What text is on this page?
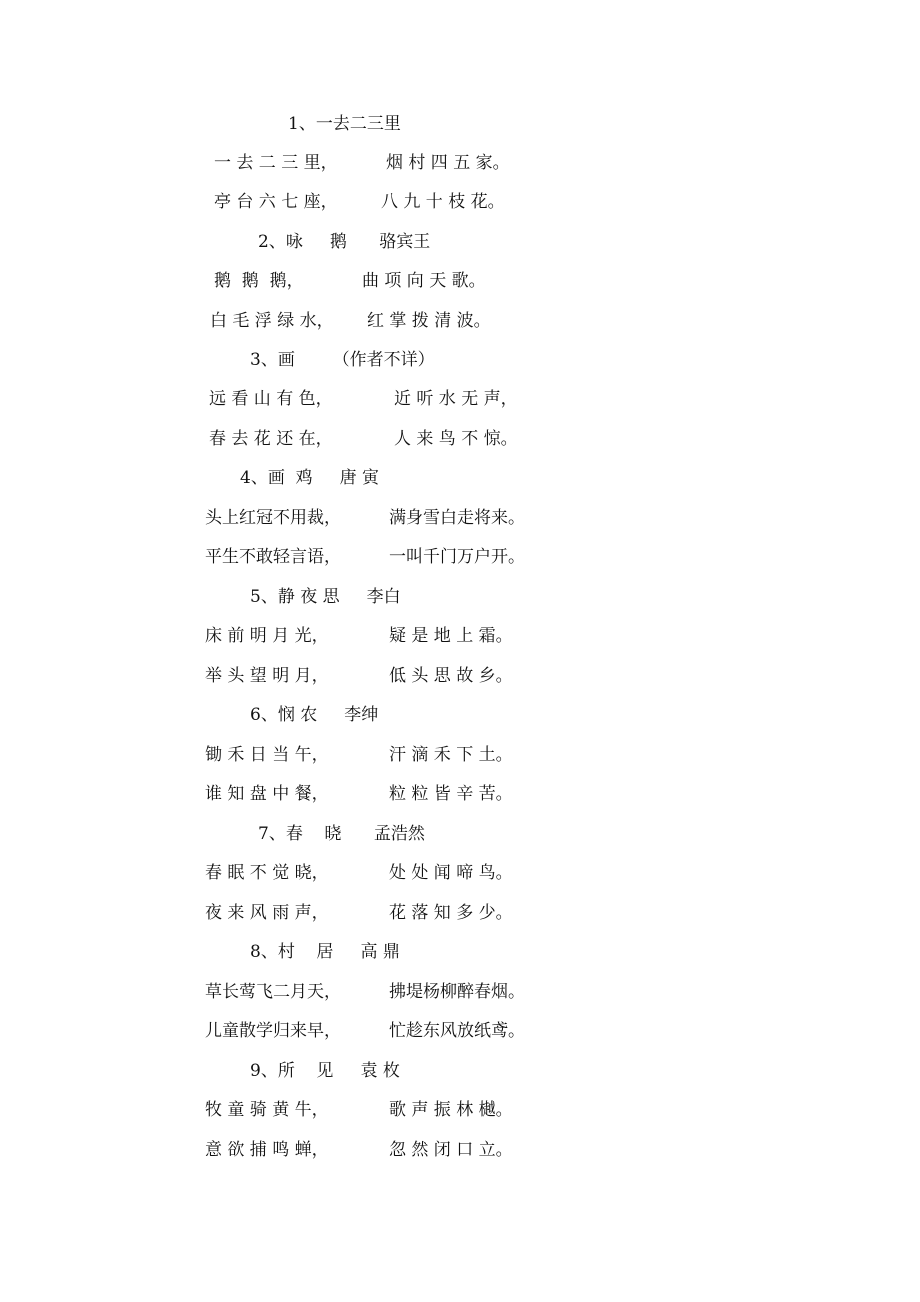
1、一去二三里
一 去 二 三 里，	烟 村 四 五 家。
亭 台 六 七 座，	八 九 十 枝 花。
2、咏     鹅      骆宾王
鹅  鹅  鹅，	曲 项 向 天 歌。
白 毛 浮 绿 水， 红 掌 拨 清 波。
3、画       （作者不详）
远 看 山 有 色，	近 听 水 无 声，
春 去 花 还 在，	人 来 鸟 不 惊。
4、画  鸡     唐 寅
头上红冠不用裁，	满身雪白走将来。
平生不敢轻言语，	一叫千门万户开。
5、静 夜 思     李白
床 前 明 月 光，	疑 是 地 上 霜。
举 头 望 明 月，	低 头 思 故 乡。
6、悯 农     李绅
锄 禾 日 当 午，	汗 滴 禾 下 土。
谁 知 盘 中 餐，	粒 粒 皆 辛 苦。
7、春    晓      孟浩然
春 眠 不 觉 晓，	处 处 闻 啼 鸟。
夜 来 风 雨 声，	花 落 知 多 少。
8、村    居     高 鼎
草长莺飞二月天，	拂堤杨柳醉春烟。
儿童散学归来早，	忙趁东风放纸鸢。
9、所    见     袁 枚
牧 童 骑 黄 牛，	歌 声 振 林 樾。
意 欲 捕 鸣 蝉，	忽 然 闭 口 立。
